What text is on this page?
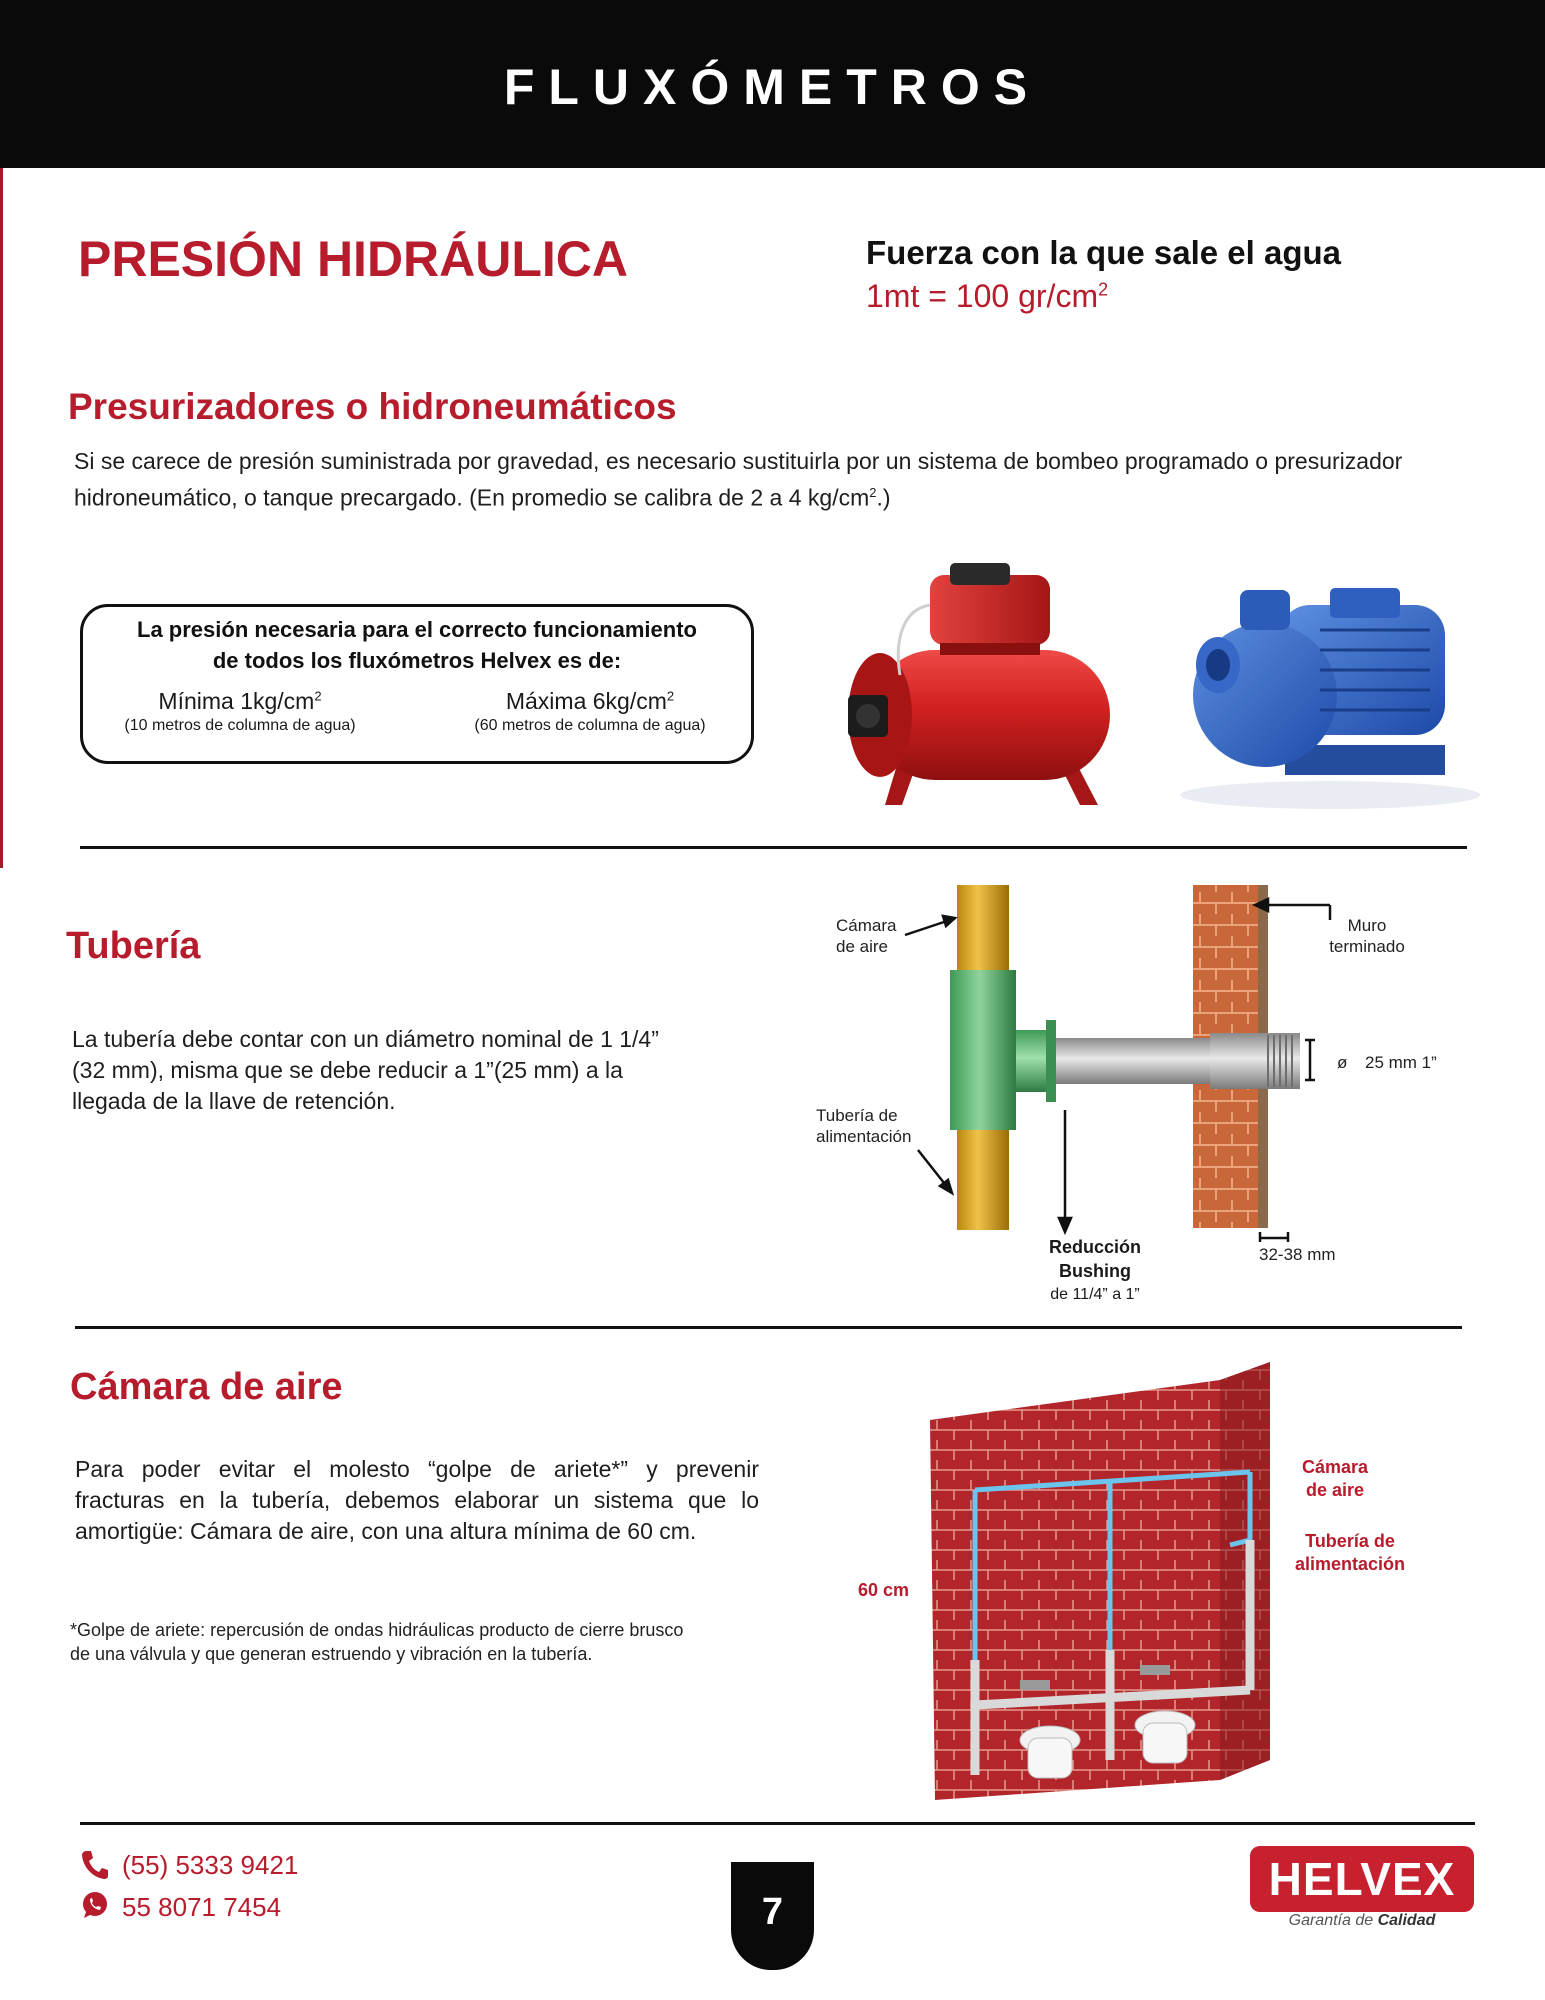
FLUXÓMETROS
PRESIÓN HIDRÁULICA	Fuerza con la que sale el agua
1mt = 100 $gr/cm^2$
Presurizadores o hidroneumáticos
Si se carece de presión suministrada por gravedad, es necesario sustituirla por un sistema de bombeo programado o presurizador
hidroneumático, o tanque precargado. (En promedio se calibra de 2 a 4 $kg/cm^2$.)
La presión necesaria para el correcto funcionamiento
de todos los fluxómetros Helvex es de:
Mínima $1kg/cm^2$
(10 metros de columna de agua)
Máxima $6kg/cm^2$
(60 metros de columna de agua)
Tubería
La tubería debe contar con un diámetro nominal de 1 1/4”
(32 mm), misma que se debe reducir a 1”(25 mm) a la
llegada de la llave de retención.
Cámara
de aire
Muro
terminado
ø 25 mm 1”
Tubería de
alimentación
Reducción
Bushing
de 11/4” a 1”
32-38 mm
Cámara de aire
Para poder evitar el molesto “golpe de ariete*” y prevenir
fracturas en la tubería, debemos elaborar un sistema que lo
amortigüe: Cámara de aire, con una altura mínima de 60 cm.
*Golpe de ariete: repercusión de ondas hidráulicas producto de cierre brusco
de una válvula y que generan estruendo y vibración en la tubería.
60 cm
Cámara
de aire
Tubería de
alimentación
(55) 5333 9421
55 8071 7454	7
HELVEX
Garantía de Calidad
